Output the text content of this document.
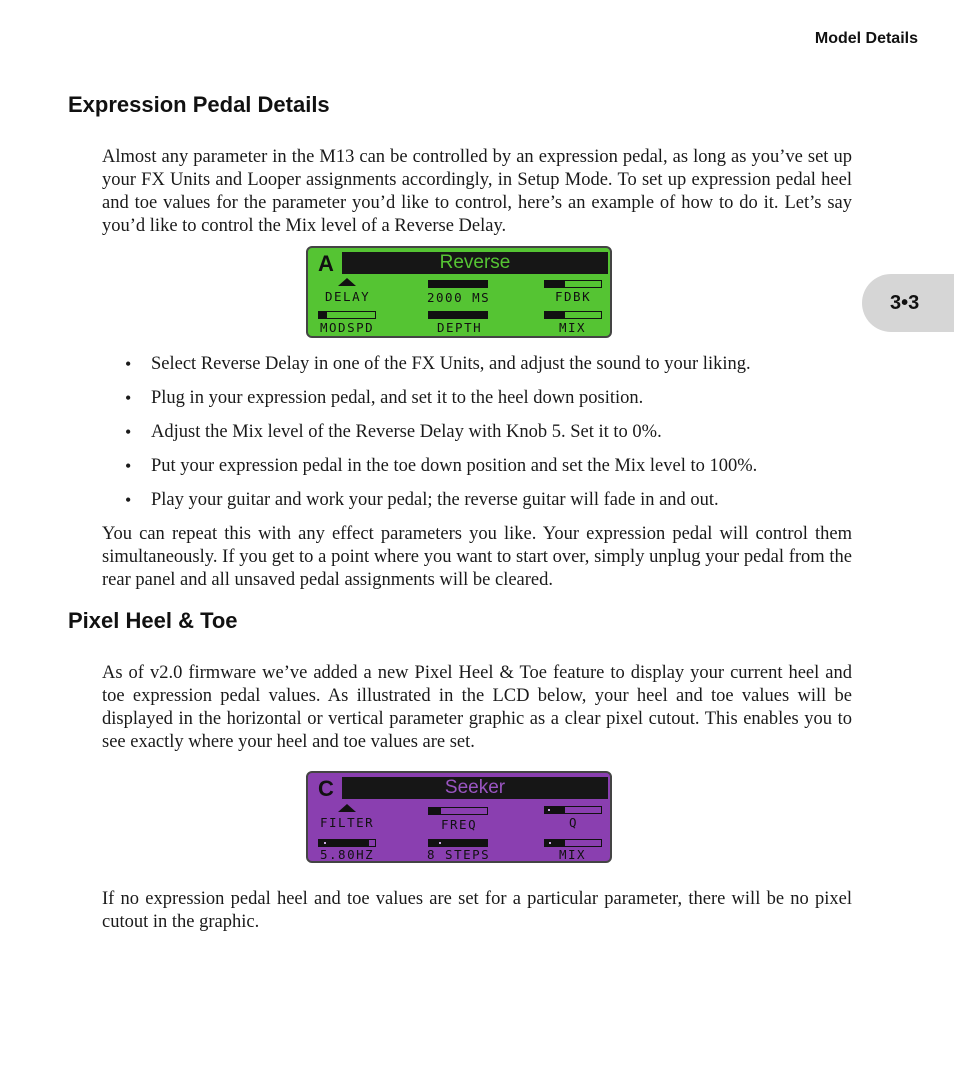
Model Details
3•3
Expression Pedal Details

Almost any parameter in the M13 can be controlled by an expression pedal, as long as you’ve set up your FX Units and Looper assignments accordingly, in Setup Mode. To set up expression pedal heel and toe values for the parameter you’d like to control, here’s an example of how to do it. Let’s say you’d like to control the Mix level of a Reverse Delay.

A	Reverse
DELAY	2000 MS	FDBK
MODSPD	DEPTH	MIX
• Select Reverse Delay in one of the FX Units, and adjust the sound to your liking.
• Plug in your expression pedal, and set it to the heel down position.
• Adjust the Mix level of the Reverse Delay with Knob 5. Set it to 0%.
• Put your expression pedal in the toe down position and set the Mix level to 100%.
• Play your guitar and work your pedal; the reverse guitar will fade in and out.

You can repeat this with any effect parameters you like. Your expression pedal will control them simultaneously. If you get to a point where you want to start over, simply unplug your pedal from the rear panel and all unsaved pedal assignments will be cleared.

Pixel Heel & Toe

As of v2.0 firmware we’ve added a new Pixel Heel & Toe feature to display your current heel and toe expression pedal values. As illustrated in the LCD below, your heel and toe values will be displayed in the horizontal or vertical parameter graphic as a clear pixel cutout. This enables you to see exactly where your heel and toe values are set.

C	Seeker
FILTER	FREQ	Q
5.80HZ	8 STEPS	MIX

If no expression pedal heel and toe values are set for a particular parameter, there will be no pixel cutout in the graphic.
